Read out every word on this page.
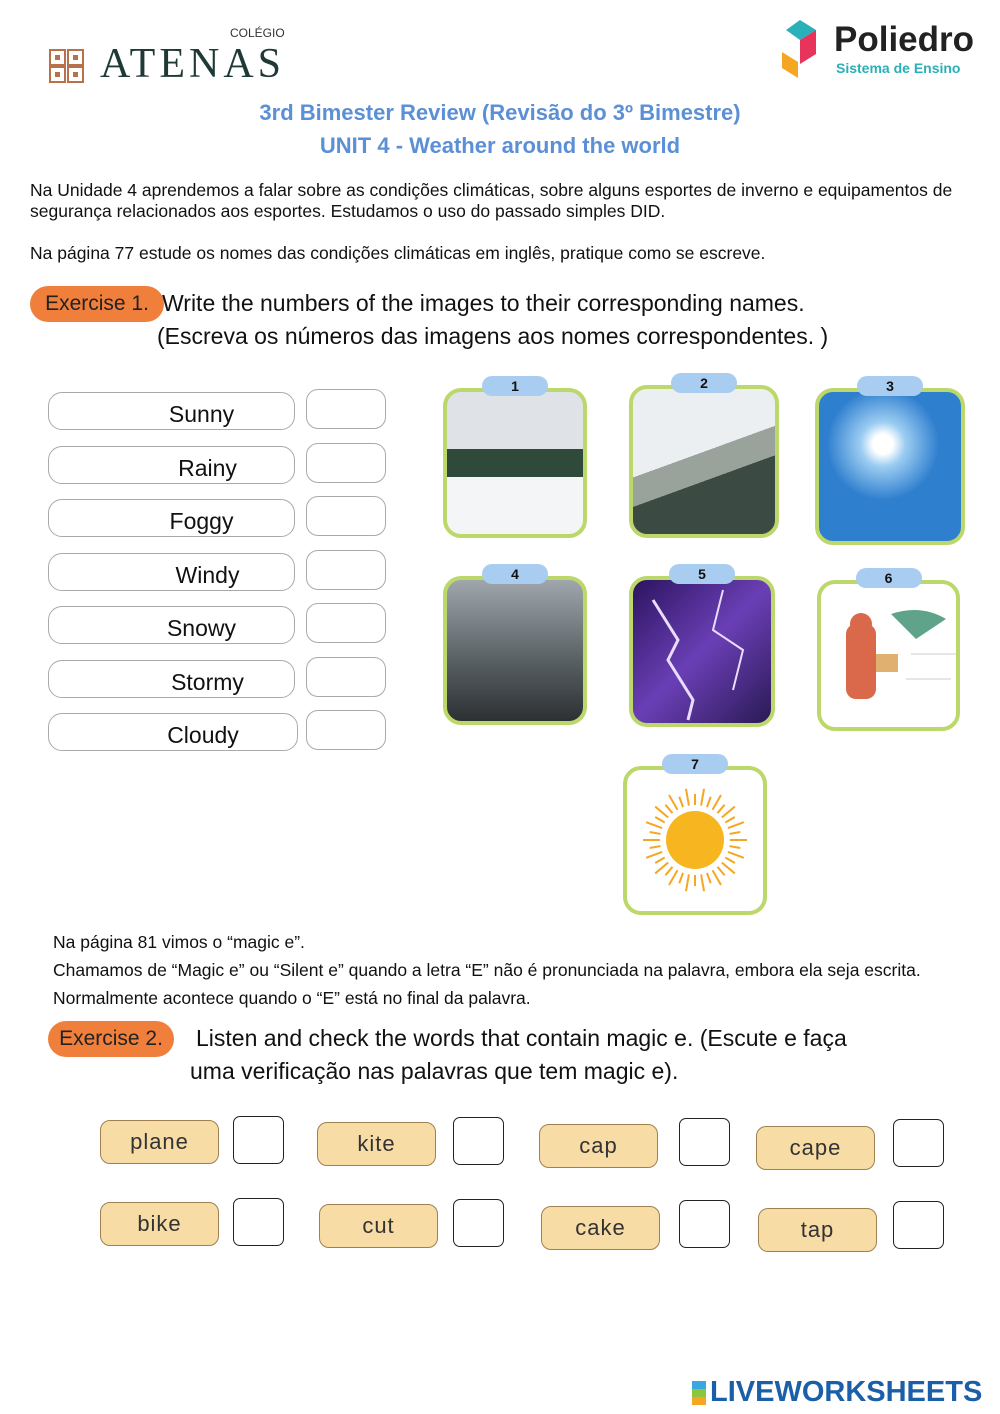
COLÉGIO
ATENAS
Poliedro
Sistema de Ensino
3rd Bimester Review (Revisão do 3º Bimestre)
UNIT 4 - Weather around the world
Na Unidade 4 aprendemos a falar sobre as condições climáticas, sobre alguns esportes de inverno e equipamentos de segurança relacionados aos esportes. Estudamos o uso do passado simples DID.
Na página 77 estude os nomes das condições climáticas em inglês, pratique como se escreve.
Exercise 1. Write the numbers of the images to their corresponding names.
(Escreva os números das imagens aos nomes correspondentes. )
Na página 81 vimos o “magic e”.
Chamamos de “Magic e” ou “Silent e” quando a letra “E” não é pronunciada na palavra, embora ela seja escrita. Normalmente acontece quando o “E” está no final da palavra.
Exercise 2.	Listen and check the words that contain magic e. (Escute e faça
uma verificação nas palavras que tem magic e).
LIVEWORKSHEETS
Sunny
Rainy
Foggy
Windy
Snowy
Stormy
Cloudy
1	2	3
4	5	6
7
plane	kite	cap	cape
bike	cut	cake	tap
